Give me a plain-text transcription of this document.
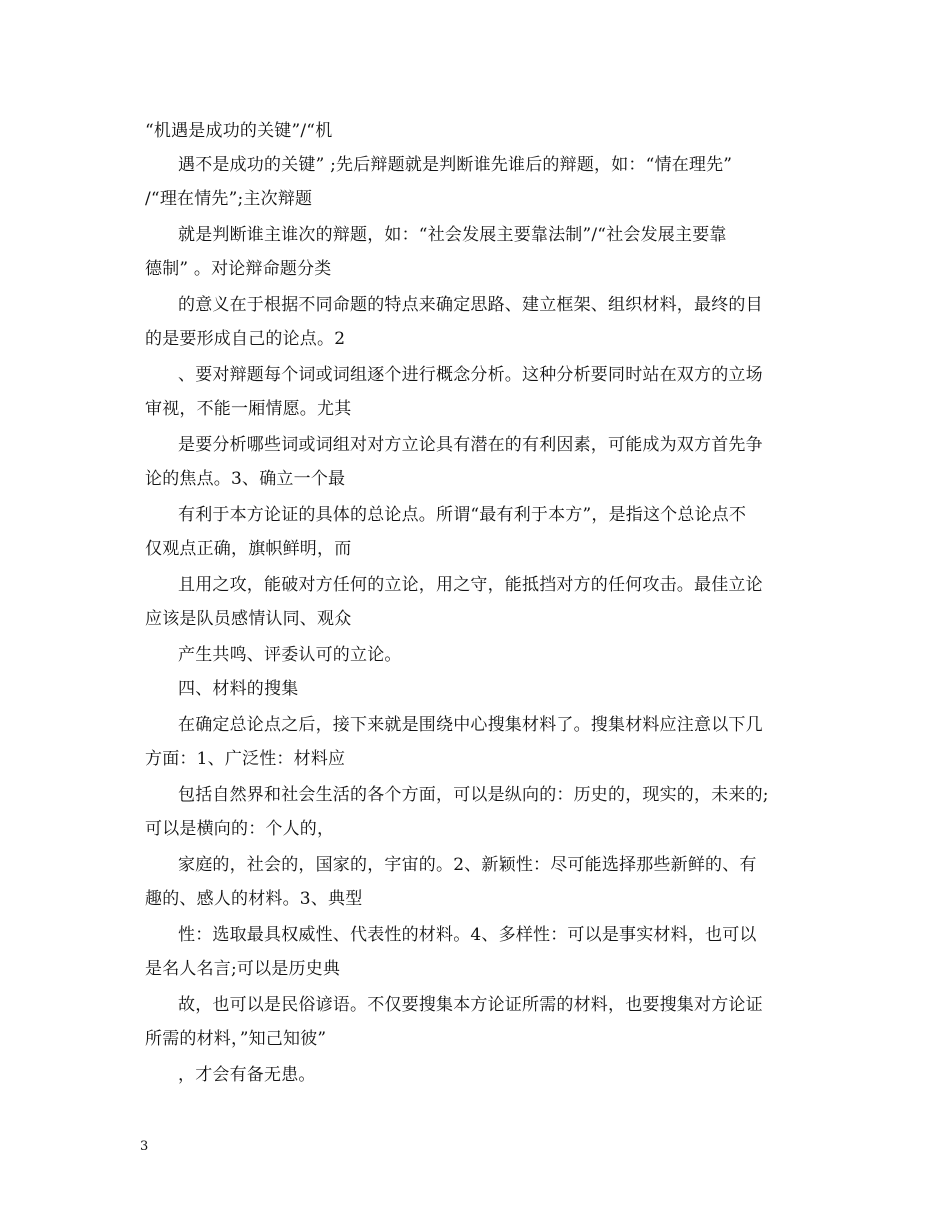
“机遇是成功的关键”/“机
遇不是成功的关键” ;先后辩题就是判断谁先谁后的辩题，如：“情在理先”
/“理在情先”;主次辩题
就是判断谁主谁次的辩题，如：“社会发展主要靠法制”/“社会发展主要靠
德制” 。对论辩命题分类
的意义在于根据不同命题的特点来确定思路、建立框架、组织材料，最终的目
的是要形成自己的论点。2
、要对辩题每个词或词组逐个进行概念分析。这种分析要同时站在双方的立场
审视，不能一厢情愿。尤其
是要分析哪些词或词组对对方立论具有潜在的有利因素，可能成为双方首先争
论的焦点。3、确立一个最
有利于本方论证的具体的总论点。所谓“最有利于本方”，是指这个总论点不
仅观点正确，旗帜鲜明，而
且用之攻，能破对方任何的立论，用之守，能抵挡对方的任何攻击。最佳立论
应该是队员感情认同、观众
产生共鸣、评委认可的立论。
四、材料的搜集
在确定总论点之后，接下来就是围绕中心搜集材料了。搜集材料应注意以下几
方面：1、广泛性：材料应
包括自然界和社会生活的各个方面，可以是纵向的：历史的，现实的，未来的;
可以是横向的：个人的，
家庭的，社会的，国家的，宇宙的。2、新颖性：尽可能选择那些新鲜的、有
趣的、感人的材料。3、典型
性：选取最具权威性、代表性的材料。4、多样性：可以是事实材料，也可以
是名人名言;可以是历史典
故，也可以是民俗谚语。不仅要搜集本方论证所需的材料，也要搜集对方论证
所需的材料，”知己知彼”
，才会有备无患。
3
